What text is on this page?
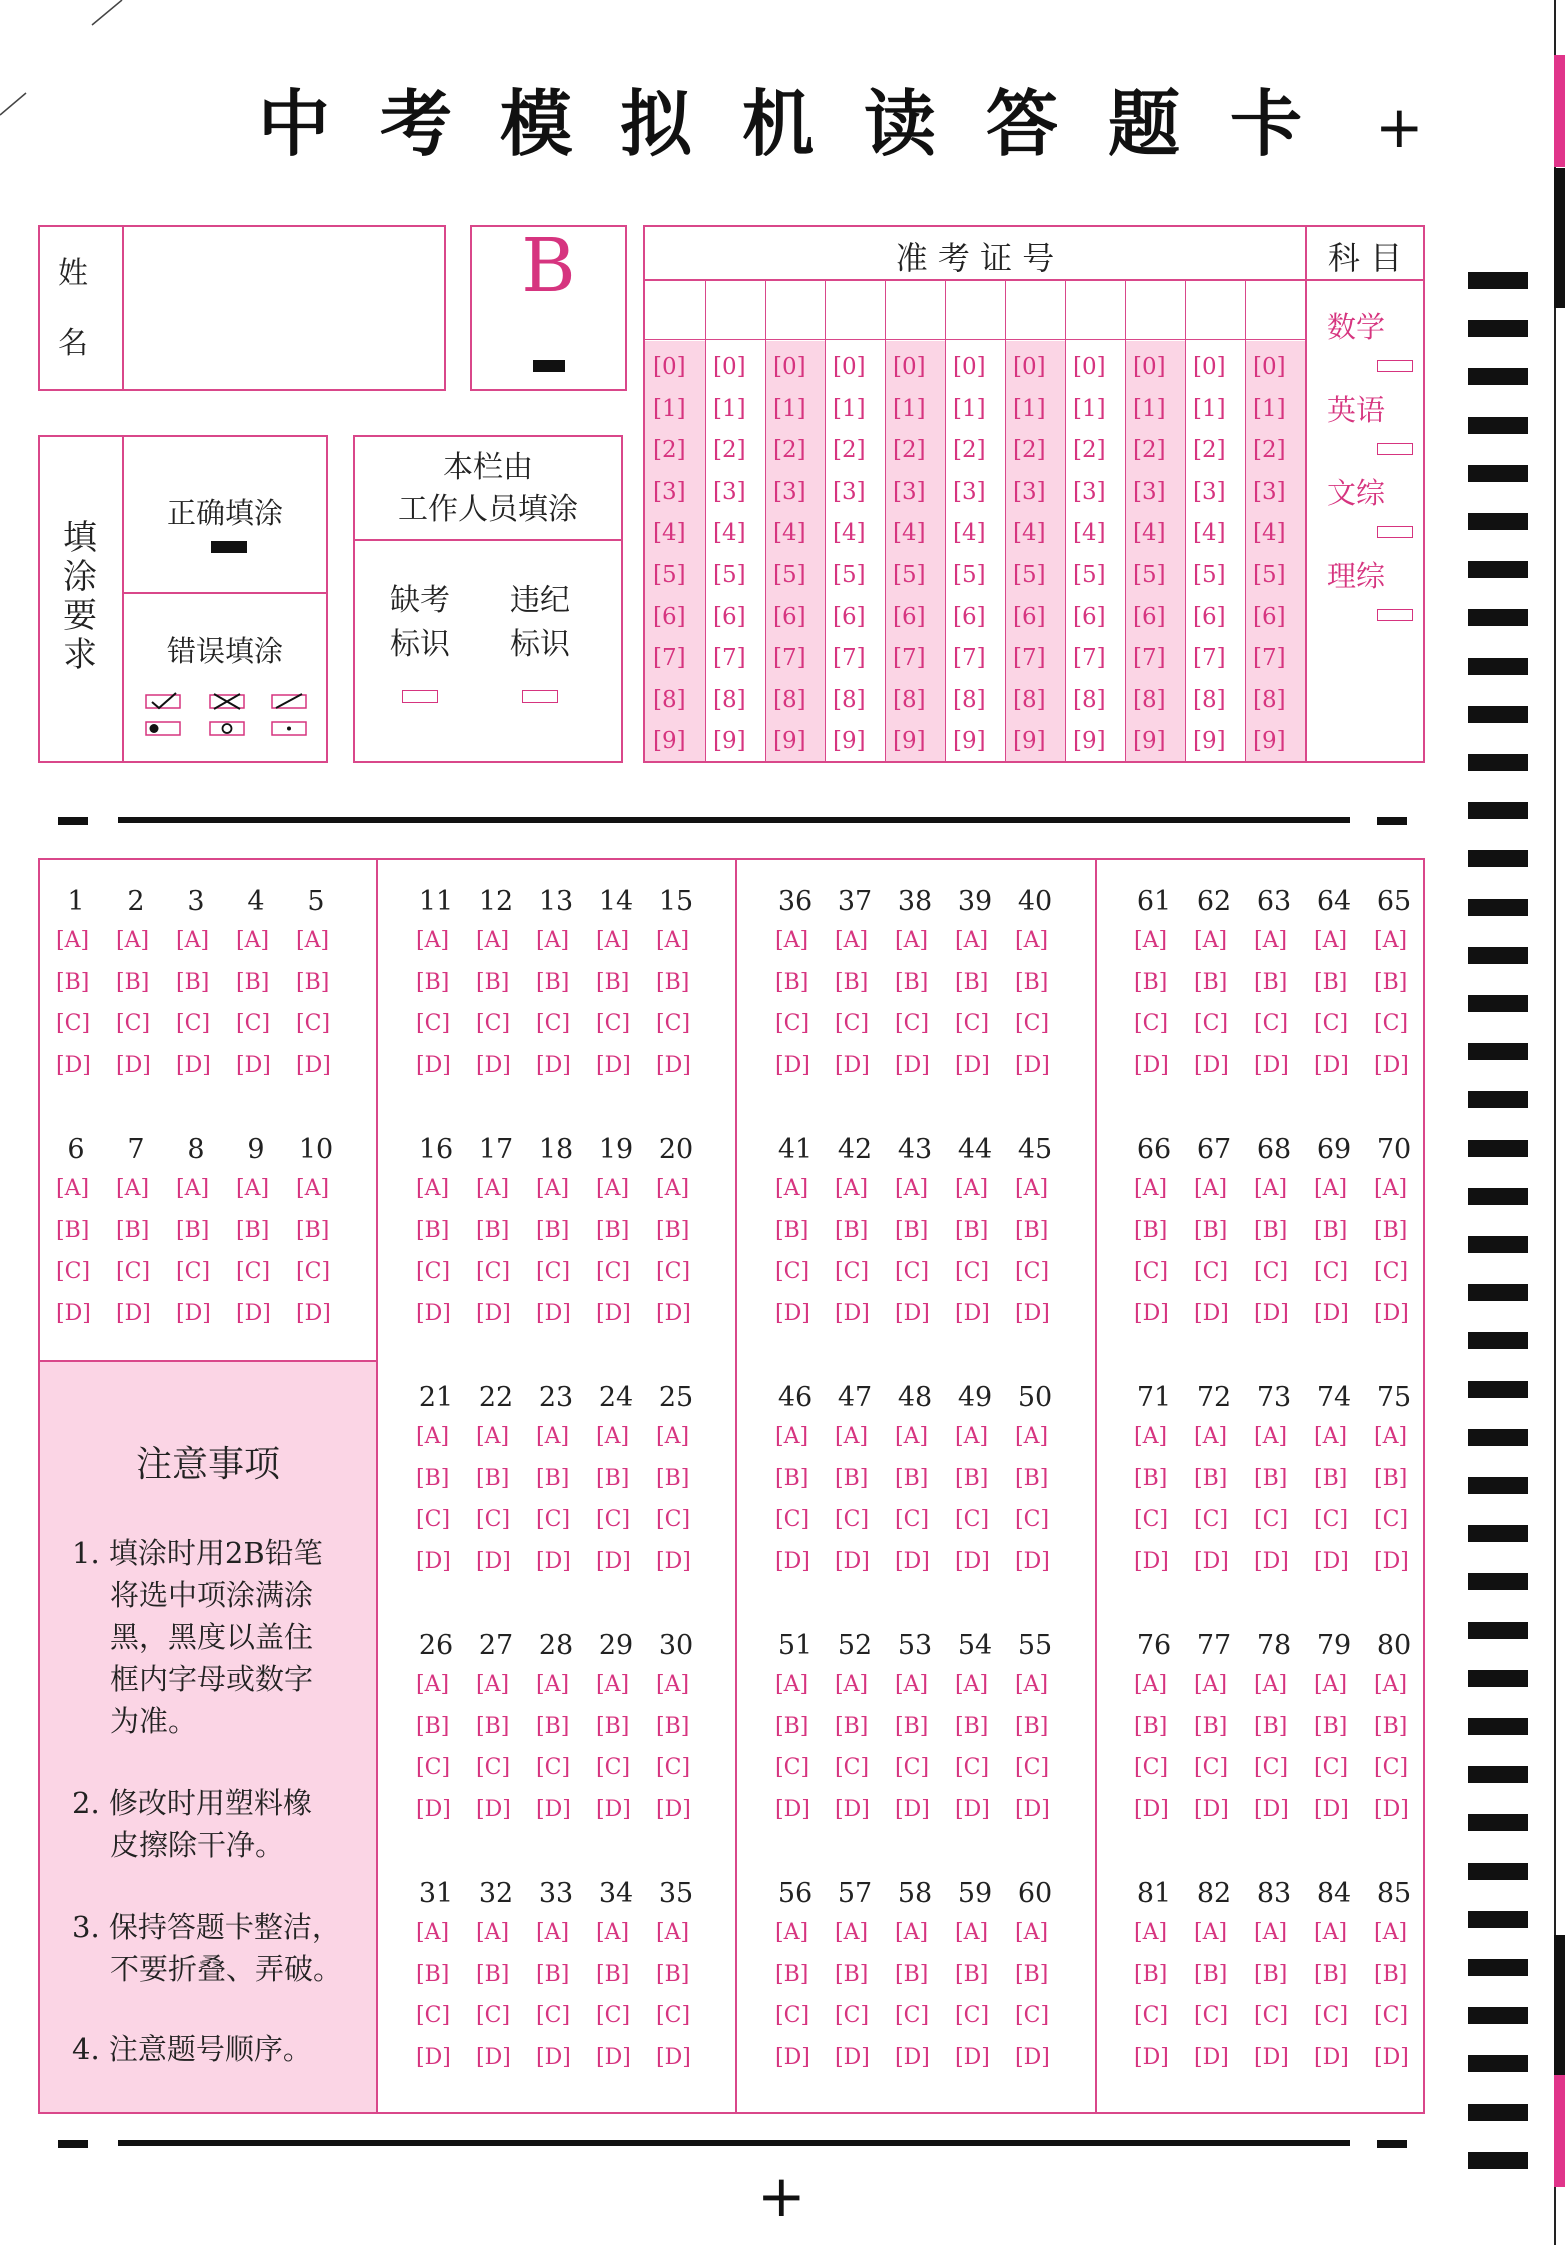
中 考 模 拟 机 读 答 题 卡 +
姓
名
B
填
涂
要
求
正确填涂
错误填涂
本栏由
工作人员填涂
缺考
标识
违纪
标识
准 考 证 号	科 目
[0]
[1]
[2]
[3]
[4]
[5]
[6]
[7]
[8]
[9]
[0]
[1]
[2]
[3]
[4]
[5]
[6]
[7]
[8]
[9]
[0]
[1]
[2]
[3]
[4]
[5]
[6]
[7]
[8]
[9]
[0]
[1]
[2]
[3]
[4]
[5]
[6]
[7]
[8]
[9]
[0]
[1]
[2]
[3]
[4]
[5]
[6]
[7]
[8]
[9]
[0]
[1]
[2]
[3]
[4]
[5]
[6]
[7]
[8]
[9]
[0]
[1]
[2]
[3]
[4]
[5]
[6]
[7]
[8]
[9]
[0]
[1]
[2]
[3]
[4]
[5]
[6]
[7]
[8]
[9]
[0]
[1]
[2]
[3]
[4]
[5]
[6]
[7]
[8]
[9]
[0]
[1]
[2]
[3]
[4]
[5]
[6]
[7]
[8]
[9]
[0]
[1]
[2]
[3]
[4]
[5]
[6]
[7]
[8]
[9]
数学
英语
文综
理综
+
注意事项
1. 填涂时用2B铅笔
将选中项涂满涂
黑，黑度以盖住
框内字母或数字
为准。
2. 修改时用塑料橡
皮擦除干净。
3. 保持答题卡整洁，
不要折叠、弄破。
4. 注意题号顺序。
1
[A]
[B]
[C]
[D]
2
[A]
[B]
[C]
[D]
3
[A]
[B]
[C]
[D]
4
[A]
[B]
[C]
[D]
5
[A]
[B]
[C]
[D]
6
[A]
[B]
[C]
[D]
7
[A]
[B]
[C]
[D]
8
[A]
[B]
[C]
[D]
9
[A]
[B]
[C]
[D]
10
[A]
[B]
[C]
[D]
11
[A]
[B]
[C]
[D]
12
[A]
[B]
[C]
[D]
13
[A]
[B]
[C]
[D]
14
[A]
[B]
[C]
[D]
15
[A]
[B]
[C]
[D]
16
[A]
[B]
[C]
[D]
17
[A]
[B]
[C]
[D]
18
[A]
[B]
[C]
[D]
19
[A]
[B]
[C]
[D]
20
[A]
[B]
[C]
[D]
21
[A]
[B]
[C]
[D]
22
[A]
[B]
[C]
[D]
23
[A]
[B]
[C]
[D]
24
[A]
[B]
[C]
[D]
25
[A]
[B]
[C]
[D]
26
[A]
[B]
[C]
[D]
27
[A]
[B]
[C]
[D]
28
[A]
[B]
[C]
[D]
29
[A]
[B]
[C]
[D]
30
[A]
[B]
[C]
[D]
31
[A]
[B]
[C]
[D]
32
[A]
[B]
[C]
[D]
33
[A]
[B]
[C]
[D]
34
[A]
[B]
[C]
[D]
35
[A]
[B]
[C]
[D]
36
[A]
[B]
[C]
[D]
37
[A]
[B]
[C]
[D]
38
[A]
[B]
[C]
[D]
39
[A]
[B]
[C]
[D]
40
[A]
[B]
[C]
[D]
41
[A]
[B]
[C]
[D]
42
[A]
[B]
[C]
[D]
43
[A]
[B]
[C]
[D]
44
[A]
[B]
[C]
[D]
45
[A]
[B]
[C]
[D]
46
[A]
[B]
[C]
[D]
47
[A]
[B]
[C]
[D]
48
[A]
[B]
[C]
[D]
49
[A]
[B]
[C]
[D]
50
[A]
[B]
[C]
[D]
51
[A]
[B]
[C]
[D]
52
[A]
[B]
[C]
[D]
53
[A]
[B]
[C]
[D]
54
[A]
[B]
[C]
[D]
55
[A]
[B]
[C]
[D]
56
[A]
[B]
[C]
[D]
57
[A]
[B]
[C]
[D]
58
[A]
[B]
[C]
[D]
59
[A]
[B]
[C]
[D]
60
[A]
[B]
[C]
[D]
61
[A]
[B]
[C]
[D]
62
[A]
[B]
[C]
[D]
63
[A]
[B]
[C]
[D]
64
[A]
[B]
[C]
[D]
65
[A]
[B]
[C]
[D]
66
[A]
[B]
[C]
[D]
67
[A]
[B]
[C]
[D]
68
[A]
[B]
[C]
[D]
69
[A]
[B]
[C]
[D]
70
[A]
[B]
[C]
[D]
71
[A]
[B]
[C]
[D]
72
[A]
[B]
[C]
[D]
73
[A]
[B]
[C]
[D]
74
[A]
[B]
[C]
[D]
75
[A]
[B]
[C]
[D]
76
[A]
[B]
[C]
[D]
77
[A]
[B]
[C]
[D]
78
[A]
[B]
[C]
[D]
79
[A]
[B]
[C]
[D]
80
[A]
[B]
[C]
[D]
81
[A]
[B]
[C]
[D]
82
[A]
[B]
[C]
[D]
83
[A]
[B]
[C]
[D]
84
[A]
[B]
[C]
[D]
85
[A]
[B]
[C]
[D]
